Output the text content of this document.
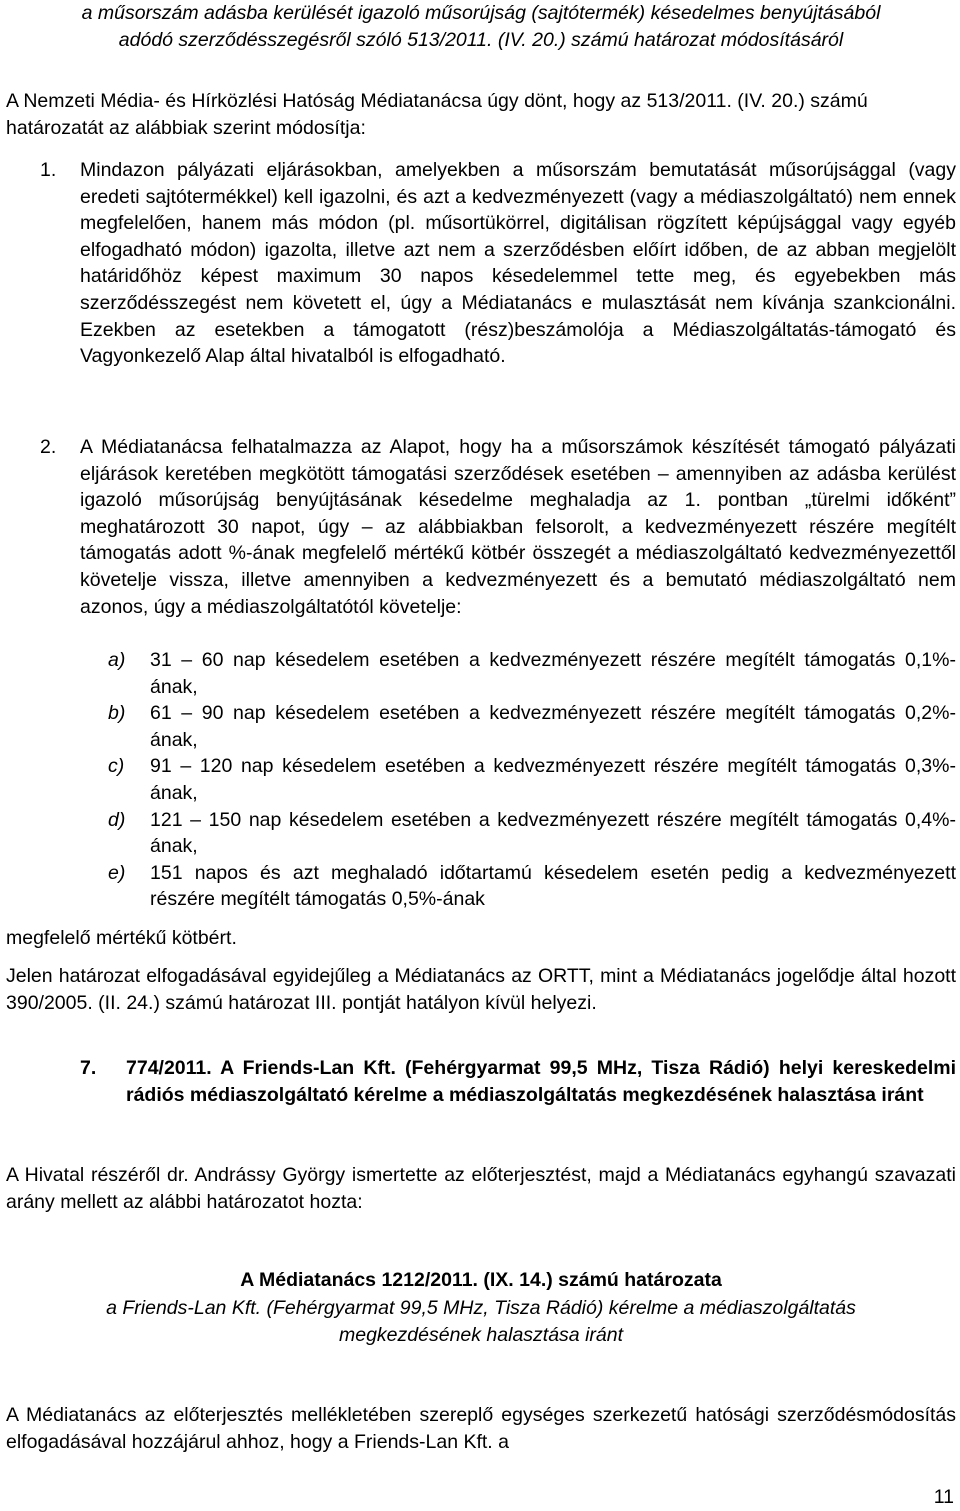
a műsorszám adásba kerülését igazoló műsorújság (sajtótermék) késedelmes benyújtásából
adódó szerződésszegésről szóló 513/2011. (IV. 20.) számú határozat módosításáról

A Nemzeti Média- és Hírközlési Hatóság Médiatanácsa úgy dönt, hogy az 513/2011. (IV. 20.) számú határozatát az alábbiak szerint módosítja:

1. Mindazon pályázati eljárásokban, amelyekben a műsorszám bemutatását műsorújsággal (vagy eredeti sajtótermékkel) kell igazolni, és azt a kedvezményezett (vagy a médiaszolgáltató) nem ennek megfelelően, hanem más módon (pl. műsortükörrel, digitálisan rögzített képújsággal vagy egyéb elfogadható módon) igazolta, illetve azt nem a szerződésben előírt időben, de az abban megjelölt határidőhöz képest maximum 30 napos késedelemmel tette meg, és egyebekben más szerződésszegést nem követett el, úgy a Médiatanács e mulasztását nem kívánja szankcionálni. Ezekben az esetekben a támogatott (rész)beszámolója a Médiaszolgáltatás-támogató és Vagyonkezelő Alap által hivatalból is elfogadható.

2. A Médiatanácsa felhatalmazza az Alapot, hogy ha a műsorszámok készítését támogató pályázati eljárások keretében megkötött támogatási szerződések esetében – amennyiben az adásba kerülést igazoló műsorújság benyújtásának késedelme meghaladja az 1. pontban „türelmi időként” meghatározott 30 napot, úgy – az alábbiakban felsorolt, a kedvezményezett részére megítélt támogatás adott %-ának megfelelő mértékű kötbér összegét a médiaszolgáltató kedvezményezettől követelje vissza, illetve amennyiben a kedvezményezett és a bemutató médiaszolgáltató nem azonos, úgy a médiaszolgáltatótól követelje:

a) 31 – 60 nap késedelem esetében a kedvezményezett részére megítélt támogatás 0,1%-ának,
b) 61 – 90 nap késedelem esetében a kedvezményezett részére megítélt támogatás 0,2%-ának,
c) 91 – 120 nap késedelem esetében a kedvezményezett részére megítélt támogatás 0,3%-ának,
d) 121 – 150 nap késedelem esetében a kedvezményezett részére megítélt támogatás 0,4%-ának,
e) 151 napos és azt meghaladó időtartamú késedelem esetén pedig a kedvezményezett részére megítélt támogatás 0,5%-ának

megfelelő mértékű kötbért.

Jelen határozat elfogadásával egyidejűleg a Médiatanács az ORTT, mint a Médiatanács jogelődje által hozott 390/2005. (II. 24.) számú határozat III. pontját hatályon kívül helyezi.

7. 774/2011. A Friends-Lan Kft. (Fehérgyarmat 99,5 MHz, Tisza Rádió) helyi kereskedelmi rádiós médiaszolgáltató kérelme a médiaszolgáltatás megkezdésének halasztása iránt

A Hivatal részéről dr. Andrássy György ismertette az előterjesztést, majd a Médiatanács egyhangú szavazati arány mellett az alábbi határozatot hozta:

A Médiatanács 1212/2011. (IX. 14.) számú határozata

a Friends-Lan Kft. (Fehérgyarmat 99,5 MHz, Tisza Rádió) kérelme a médiaszolgáltatás
megkezdésének halasztása iránt

A Médiatanács az előterjesztés mellékletében szereplő egységes szerkezetű hatósági szerződésmódosítás elfogadásával hozzájárul ahhoz, hogy a Friends-Lan Kft. a

11
